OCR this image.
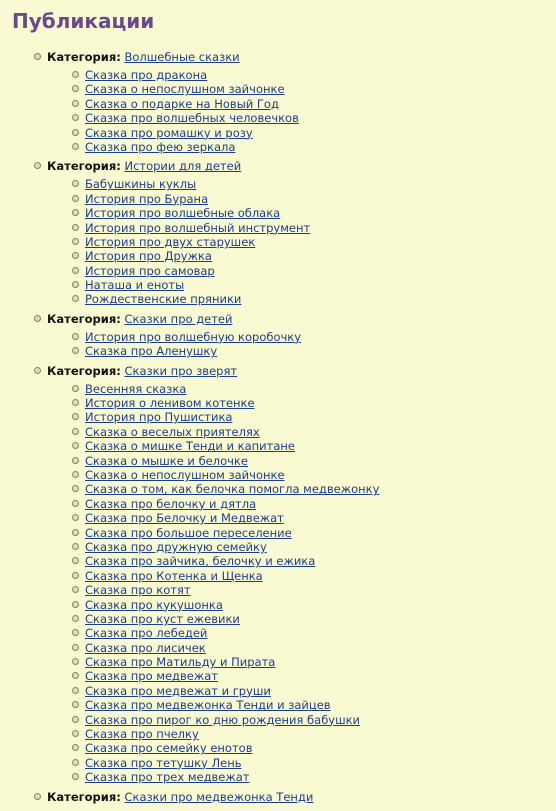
Публикации
Категория: Волшебные сказки
Сказка про дракона
Сказка о непослушном зайчонке
Сказка о подарке на Новый Год
Сказка про волшебных человечков
Сказка про ромашку и розу
Сказка про фею зеркала
Категория: Истории для детей
Бабушкины куклы
История про Бурана
История про волшебные облака
История про волшебный инструмент
История про двух старушек
История про Дружка
История про самовар
Наташа и еноты
Рождественские пряники
Категория: Сказки про детей
История про волшебную коробочку
Сказка про Аленушку
Категория: Сказки про зверят
Весенняя сказка
История о ленивом котенке
История про Пушистика
Сказка о веселых приятелях
Сказка о мишке Тенди и капитане
Сказка о мышке и белочке
Сказка о непослушном зайчонке
Сказка о том, как белочка помогла медвежонку
Сказка про белочку и дятла
Сказка про Белочку и Медвежат
Сказка про большое переселение
Сказка про дружную семейку
Сказка про зайчика, белочку и ежика
Сказка про Котенка и Щенка
Сказка про котят
Сказка про кукушонка
Сказка про куст ежевики
Сказка про лебедей
Сказка про лисичек
Сказка про Матильду и Пирата
Сказка про медвежат
Сказка про медвежат и груши
Сказка про медвежонка Тенди и зайцев
Сказка про пирог ко дню рождения бабушки
Сказка про пчелку
Сказка про семейку енотов
Сказка про тетушку Лень
Сказка про трех медвежат
Категория: Сказки про медвежонка Тенди
